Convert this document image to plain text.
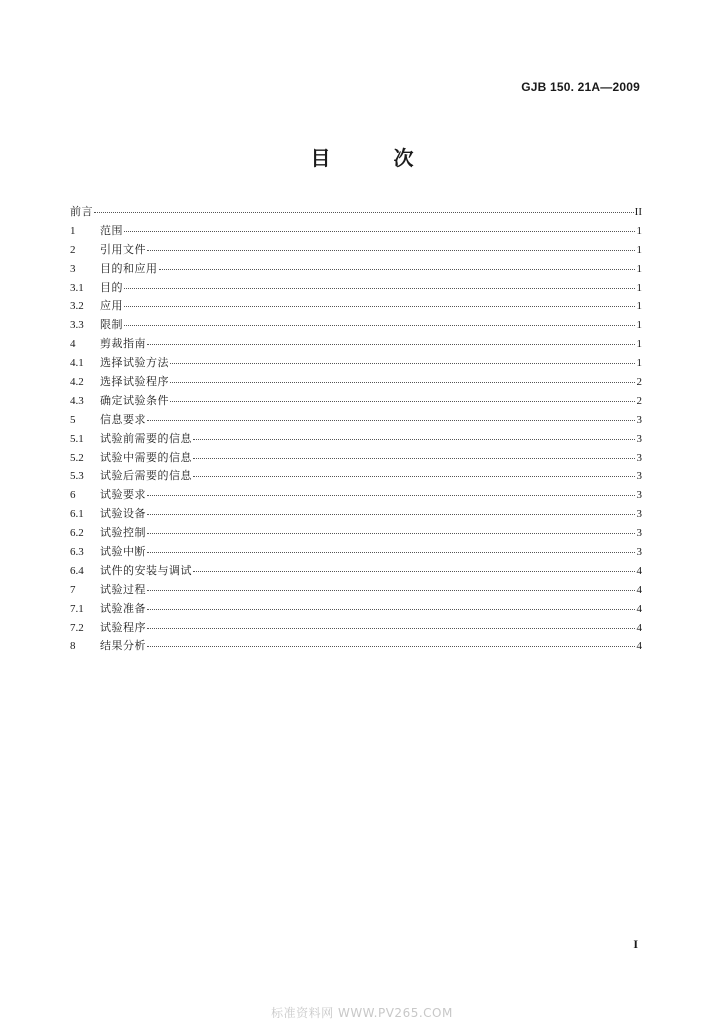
GJB 150. 21A—2009
目 次
前言	II
1	范围	1
2	引用文件	1
3	目的和应用	1
3.1	目的	1
3.2	应用	1
3.3	限制	1
4	剪裁指南	1
4.1	选择试验方法	1
4.2	选择试验程序	2
4.3	确定试验条件	2
5	信息要求	3
5.1	试验前需要的信息	3
5.2	试验中需要的信息	3
5.3	试验后需要的信息	3
6	试验要求	3
6.1	试验设备	3
6.2	试验控制	3
6.3	试验中断	3
6.4	试件的安装与调试	4
7	试验过程	4
7.1	试验准备	4
7.2	试验程序	4
8	结果分析	4
I
标准资料网 WWW.PV265.COM
